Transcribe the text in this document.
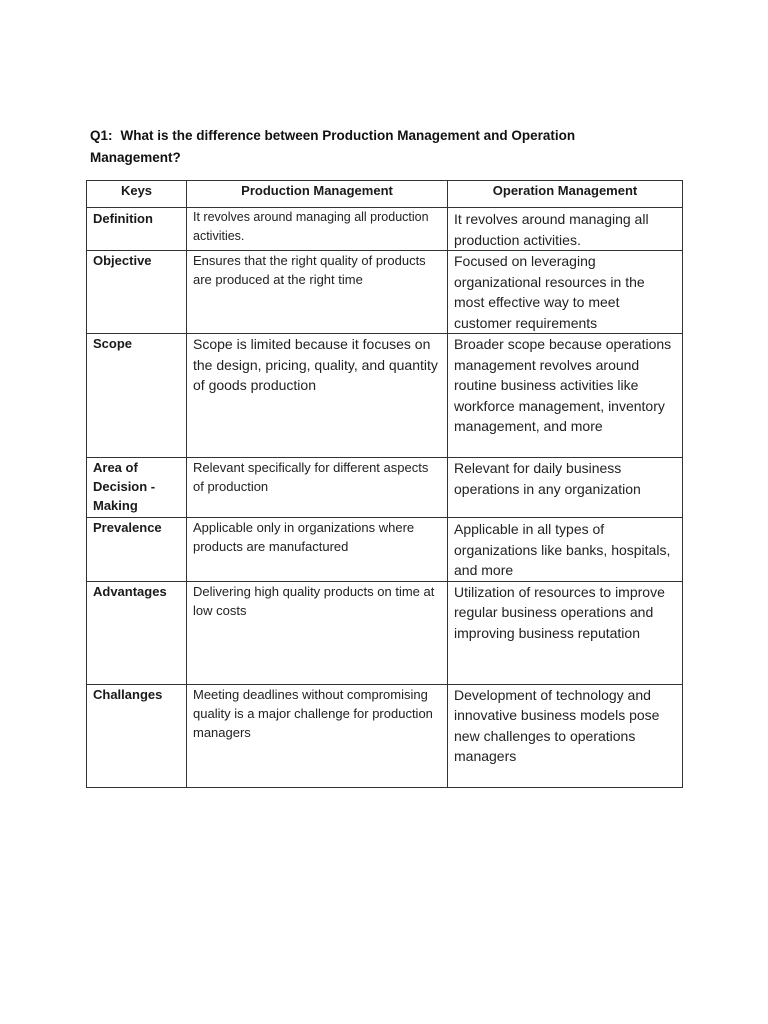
Q1: What is the difference between Production Management and Operation Management?
Keys	Production Management	Operation Management
Definition	It revolves around managing all production activities.	It revolves around managing all production activities.
Objective	Ensures that the right quality of products are produced at the right time	Focused on leveraging organizational resources in the most effective way to meet customer requirements
Scope	Scope is limited because it focuses on the design, pricing, quality, and quantity of goods production	Broader scope because operations management revolves around routine business activities like workforce management, inventory management, and more
Area of Decision - Making	Relevant specifically for different aspects of production	Relevant for daily business operations in any organization
Prevalence	Applicable only in organizations where products are manufactured	Applicable in all types of organizations like banks, hospitals, and more
Advantages	Delivering high quality products on time at low costs	Utilization of resources to improve regular business operations and improving business reputation
Challanges	Meeting deadlines without compromising quality is a major challenge for production managers	Development of technology and innovative business models pose new challenges to operations managers
